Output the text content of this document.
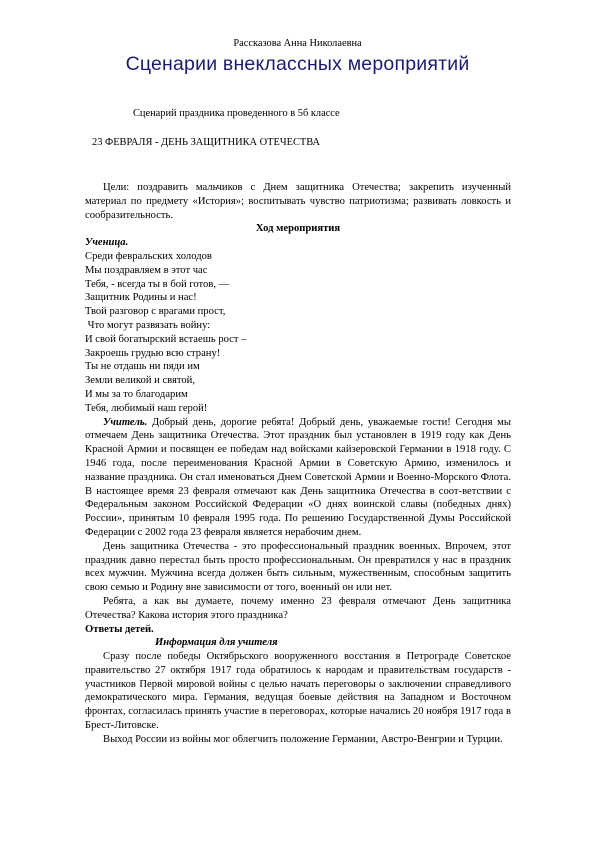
Рассказова Анна Николаевна
Сценарии внеклассных мероприятий
Сценарий праздника проведенного в 5б классе
23 ФЕВРАЛЯ - ДЕНЬ ЗАЩИТНИКА ОТЕЧЕСТВА

Цели: поздравить мальчиков с Днем защитника Отечества; закрепить изученный материал по предмету «История»; воспитывать чувство патриотизма; развивать ловкость и сообразительность.

Ход мероприятия

Ученица.

Среди февральских холодов

Мы поздравляем в этот час

Тебя, - всегда ты в бой готов, —

Защитник Родины и нас!

Твой разговор с врагами прост,

Что могут развязать войну:

И свой богатырский встаешь рост –

Закроешь грудью всю страну!

Ты не отдашь ни пяди им

Земли великой и святой,

И мы за то благодарим

Тебя, любимый наш герой!

Учитель. Добрый день, дорогие ребята! Добрый день, уважаемые гости! Сегодня мы отмечаем День защитника Отечества. Этот праздник был установлен в 1919 году как День Красной Армии и посвящен ее победам над войсками кайзеровской Германии в 1918 году. С 1946 года, после переименования Красной Армии в Советскую Армию, изменилось и название праздника. Он стал именоваться Днем Советской Армии и Военно-Морского Флота. В настоящее время 23 февраля отмечают как День защитника Отечества в соот-ветствии с Федеральным законом Российской Федерации «О днях воинской славы (победных днях) России», принятым 10 февраля 1995 года. По решению Государственной Думы Российской Федерации с 2002 года 23 февраля является нерабочим днем.

День защитника Отечества - это профессиональный праздник военных. Впрочем, этот праздник давно перестал быть просто профессиональным. Он превратился у нас в праздник всех мужчин. Мужчина всегда должен быть сильным, мужественным, способным защитить свою семью и Родину вне зависимости от того, военный он или нет.

Ребята, а как вы думаете, почему именно 23 февраля отмечают День защитника Отечества? Какова история этого праздника?

Ответы детей.

Информация для учителя

Сразу после победы Октябрьского вооруженного восстания в Петрограде Советское правительство 27 октября 1917 года обратилось к народам и правительствам государств - участников Первой мировой войны с целью начать переговоры о заключении справедливого демократического мира. Германия, ведущая боевые действия на Западном и Восточном фронтах, согласилась принять участие в переговорах, которые начались 20 ноября 1917 года в Брест-Литовске.

Выход России из войны мог облегчить положение Германии, Австро-Венгрии и Турции.
